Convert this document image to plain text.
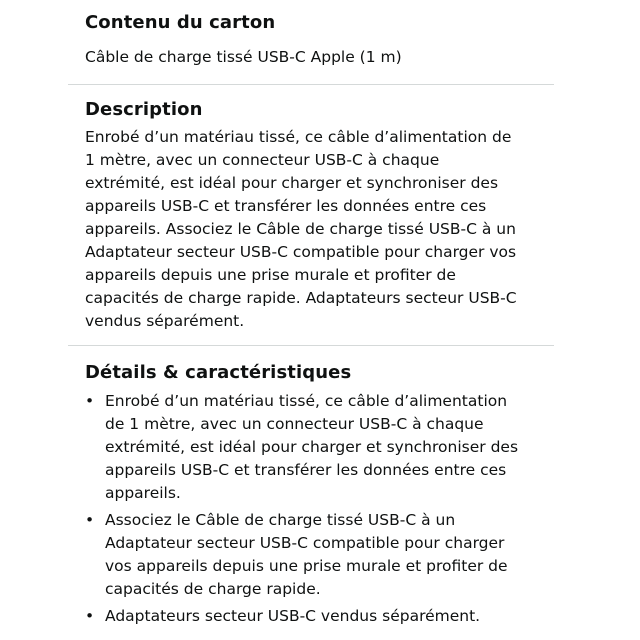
Contenu du carton

Câble de charge tissé USB-C Apple (1 m)

Description

Enrobé d’un matériau tissé, ce câble d’alimentation de
1 mètre, avec un connecteur USB-C à chaque
extrémité, est idéal pour charger et synchroniser des
appareils USB-C et transférer les données entre ces
appareils. Associez le Câble de charge tissé USB-C à un
Adaptateur secteur USB-C compatible pour charger vos
appareils depuis une prise murale et profiter de
capacités de charge rapide. Adaptateurs secteur USB-C
vendus séparément.

Détails & caractéristiques
• Enrobé d’un matériau tissé, ce câble d’alimentation
de 1 mètre, avec un connecteur USB-C à chaque
extrémité, est idéal pour charger et synchroniser des
appareils USB-C et transférer les données entre ces
appareils.
• Associez le Câble de charge tissé USB-C à un
Adaptateur secteur USB-C compatible pour charger
vos appareils depuis une prise murale et profiter de
capacités de charge rapide.
• Adaptateurs secteur USB-C vendus séparément.
